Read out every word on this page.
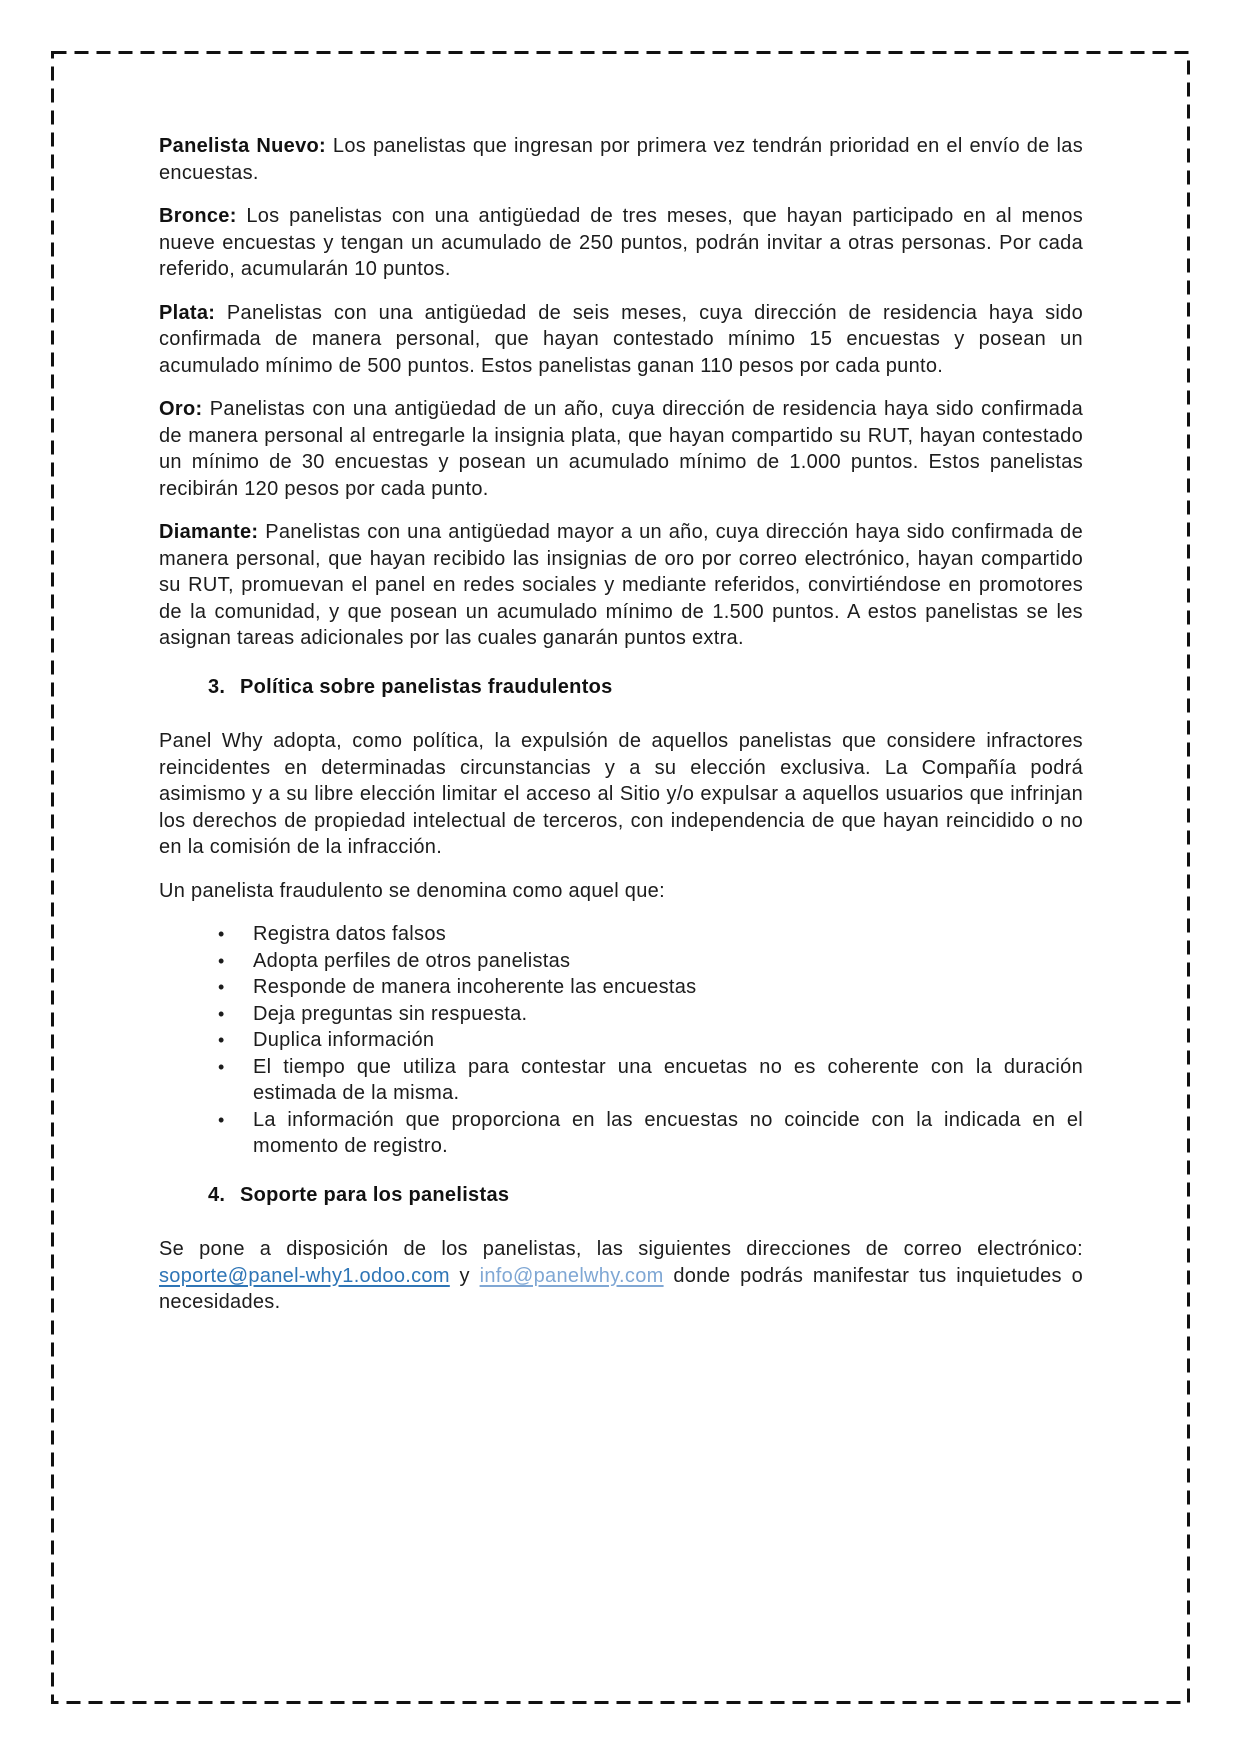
Panelista Nuevo: Los panelistas que ingresan por primera vez tendrán prioridad en el envío de las encuestas.

Bronce: Los panelistas con una antigüedad de tres meses, que hayan participado en al menos nueve encuestas y tengan un acumulado de 250 puntos, podrán invitar a otras personas. Por cada referido, acumularán 10 puntos.

Plata: Panelistas con una antigüedad de seis meses, cuya dirección de residencia haya sido confirmada de manera personal, que hayan contestado mínimo 15 encuestas y posean un acumulado mínimo de 500 puntos. Estos panelistas ganan 110 pesos por cada punto.

Oro: Panelistas con una antigüedad de un año, cuya dirección de residencia haya sido confirmada de manera personal al entregarle la insignia plata, que hayan compartido su RUT, hayan contestado un mínimo de 30 encuestas y posean un acumulado mínimo de 1.000 puntos. Estos panelistas recibirán 120 pesos por cada punto.

Diamante: Panelistas con una antigüedad mayor a un año, cuya dirección haya sido confirmada de manera personal, que hayan recibido las insignias de oro por correo electrónico, hayan compartido su RUT, promuevan el panel en redes sociales y mediante referidos, convirtiéndose en promotores de la comunidad, y que posean un acumulado mínimo de 1.500 puntos. A estos panelistas se les asignan tareas adicionales por las cuales ganarán puntos extra.

3. Política sobre panelistas fraudulentos

Panel Why adopta, como política, la expulsión de aquellos panelistas que considere infractores reincidentes en determinadas circunstancias y a su elección exclusiva. La Compañía podrá asimismo y a su libre elección limitar el acceso al Sitio y/o expulsar a aquellos usuarios que infrinjan los derechos de propiedad intelectual de terceros, con independencia de que hayan reincidido o no en la comisión de la infracción.

Un panelista fraudulento se denomina como aquel que:

• Registra datos falsos
• Adopta perfiles de otros panelistas
• Responde de manera incoherente las encuestas
• Deja preguntas sin respuesta.
• Duplica información
• El tiempo que utiliza para contestar una encuetas no es coherente con la duración estimada de la misma.
• La información que proporciona en las encuestas no coincide con la indicada en el momento de registro.

4. Soporte para los panelistas

Se pone a disposición de los panelistas, las siguientes direcciones de correo electrónico: soporte@panel-why1.odoo.com y info@panelwhy.com donde podrás manifestar tus inquietudes o necesidades.
